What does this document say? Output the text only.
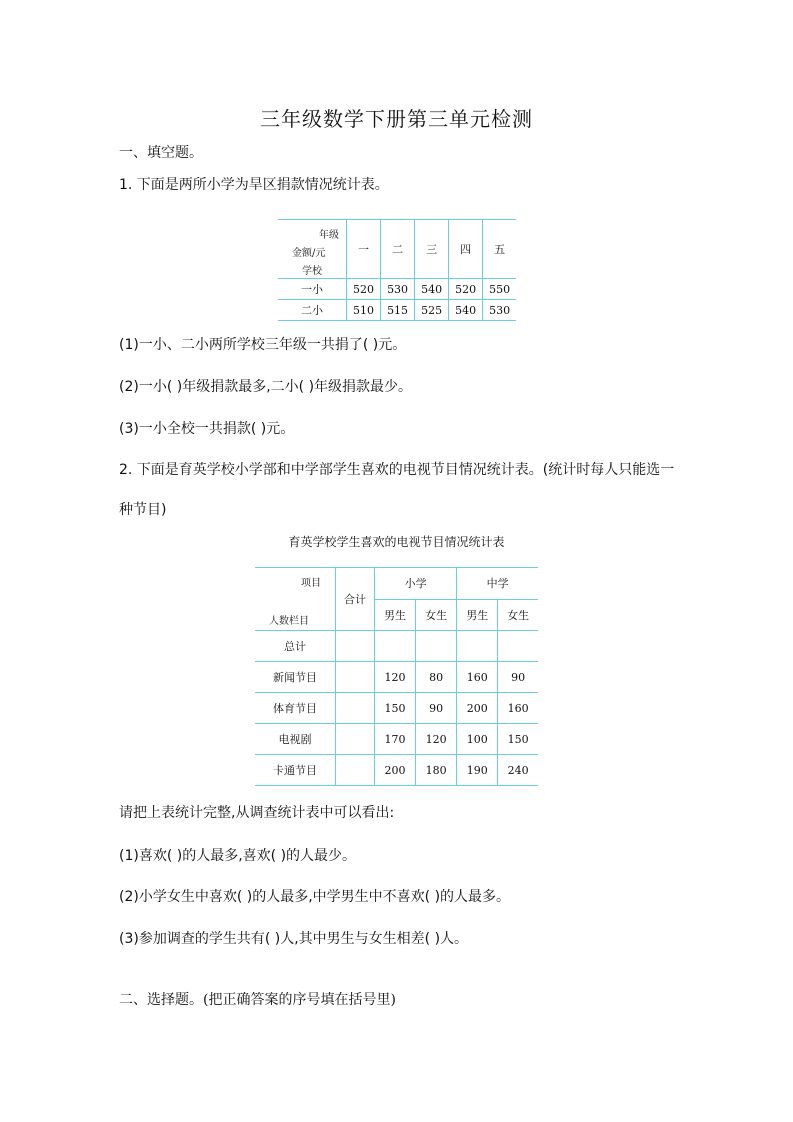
三年级数学下册第三单元检测
一、填空题。
1. 下面是两所小学为旱区捐款情况统计表。
年级
金额/元
学校	一	二	三	四	五
一小	520	530	540	520	550
二小	510	515	525	540	530
(1)一小、二小两所学校三年级一共捐了( )元。
(2)一小( )年级捐款最多,二小( )年级捐款最少。
(3)一小全校一共捐款( )元。
2. 下面是育英学校小学部和中学部学生喜欢的电视节目情况统计表。(统计时每人只能选一
种节目)
育英学校学生喜欢的电视节目情况统计表
项目
人数栏目	合计	小学		中学	
		男生	女生	男生	女生
总计					
新闻节目		120	80	160	90
体育节目		150	90	200	160
电视剧		170	120	100	150
卡通节目		200	180	190	240
请把上表统计完整,从调查统计表中可以看出:
(1)喜欢( )的人最多,喜欢( )的人最少。
(2)小学女生中喜欢( )的人最多,中学男生中不喜欢( )的人最多。
(3)参加调查的学生共有( )人,其中男生与女生相差( )人。
二、选择题。(把正确答案的序号填在括号里)
